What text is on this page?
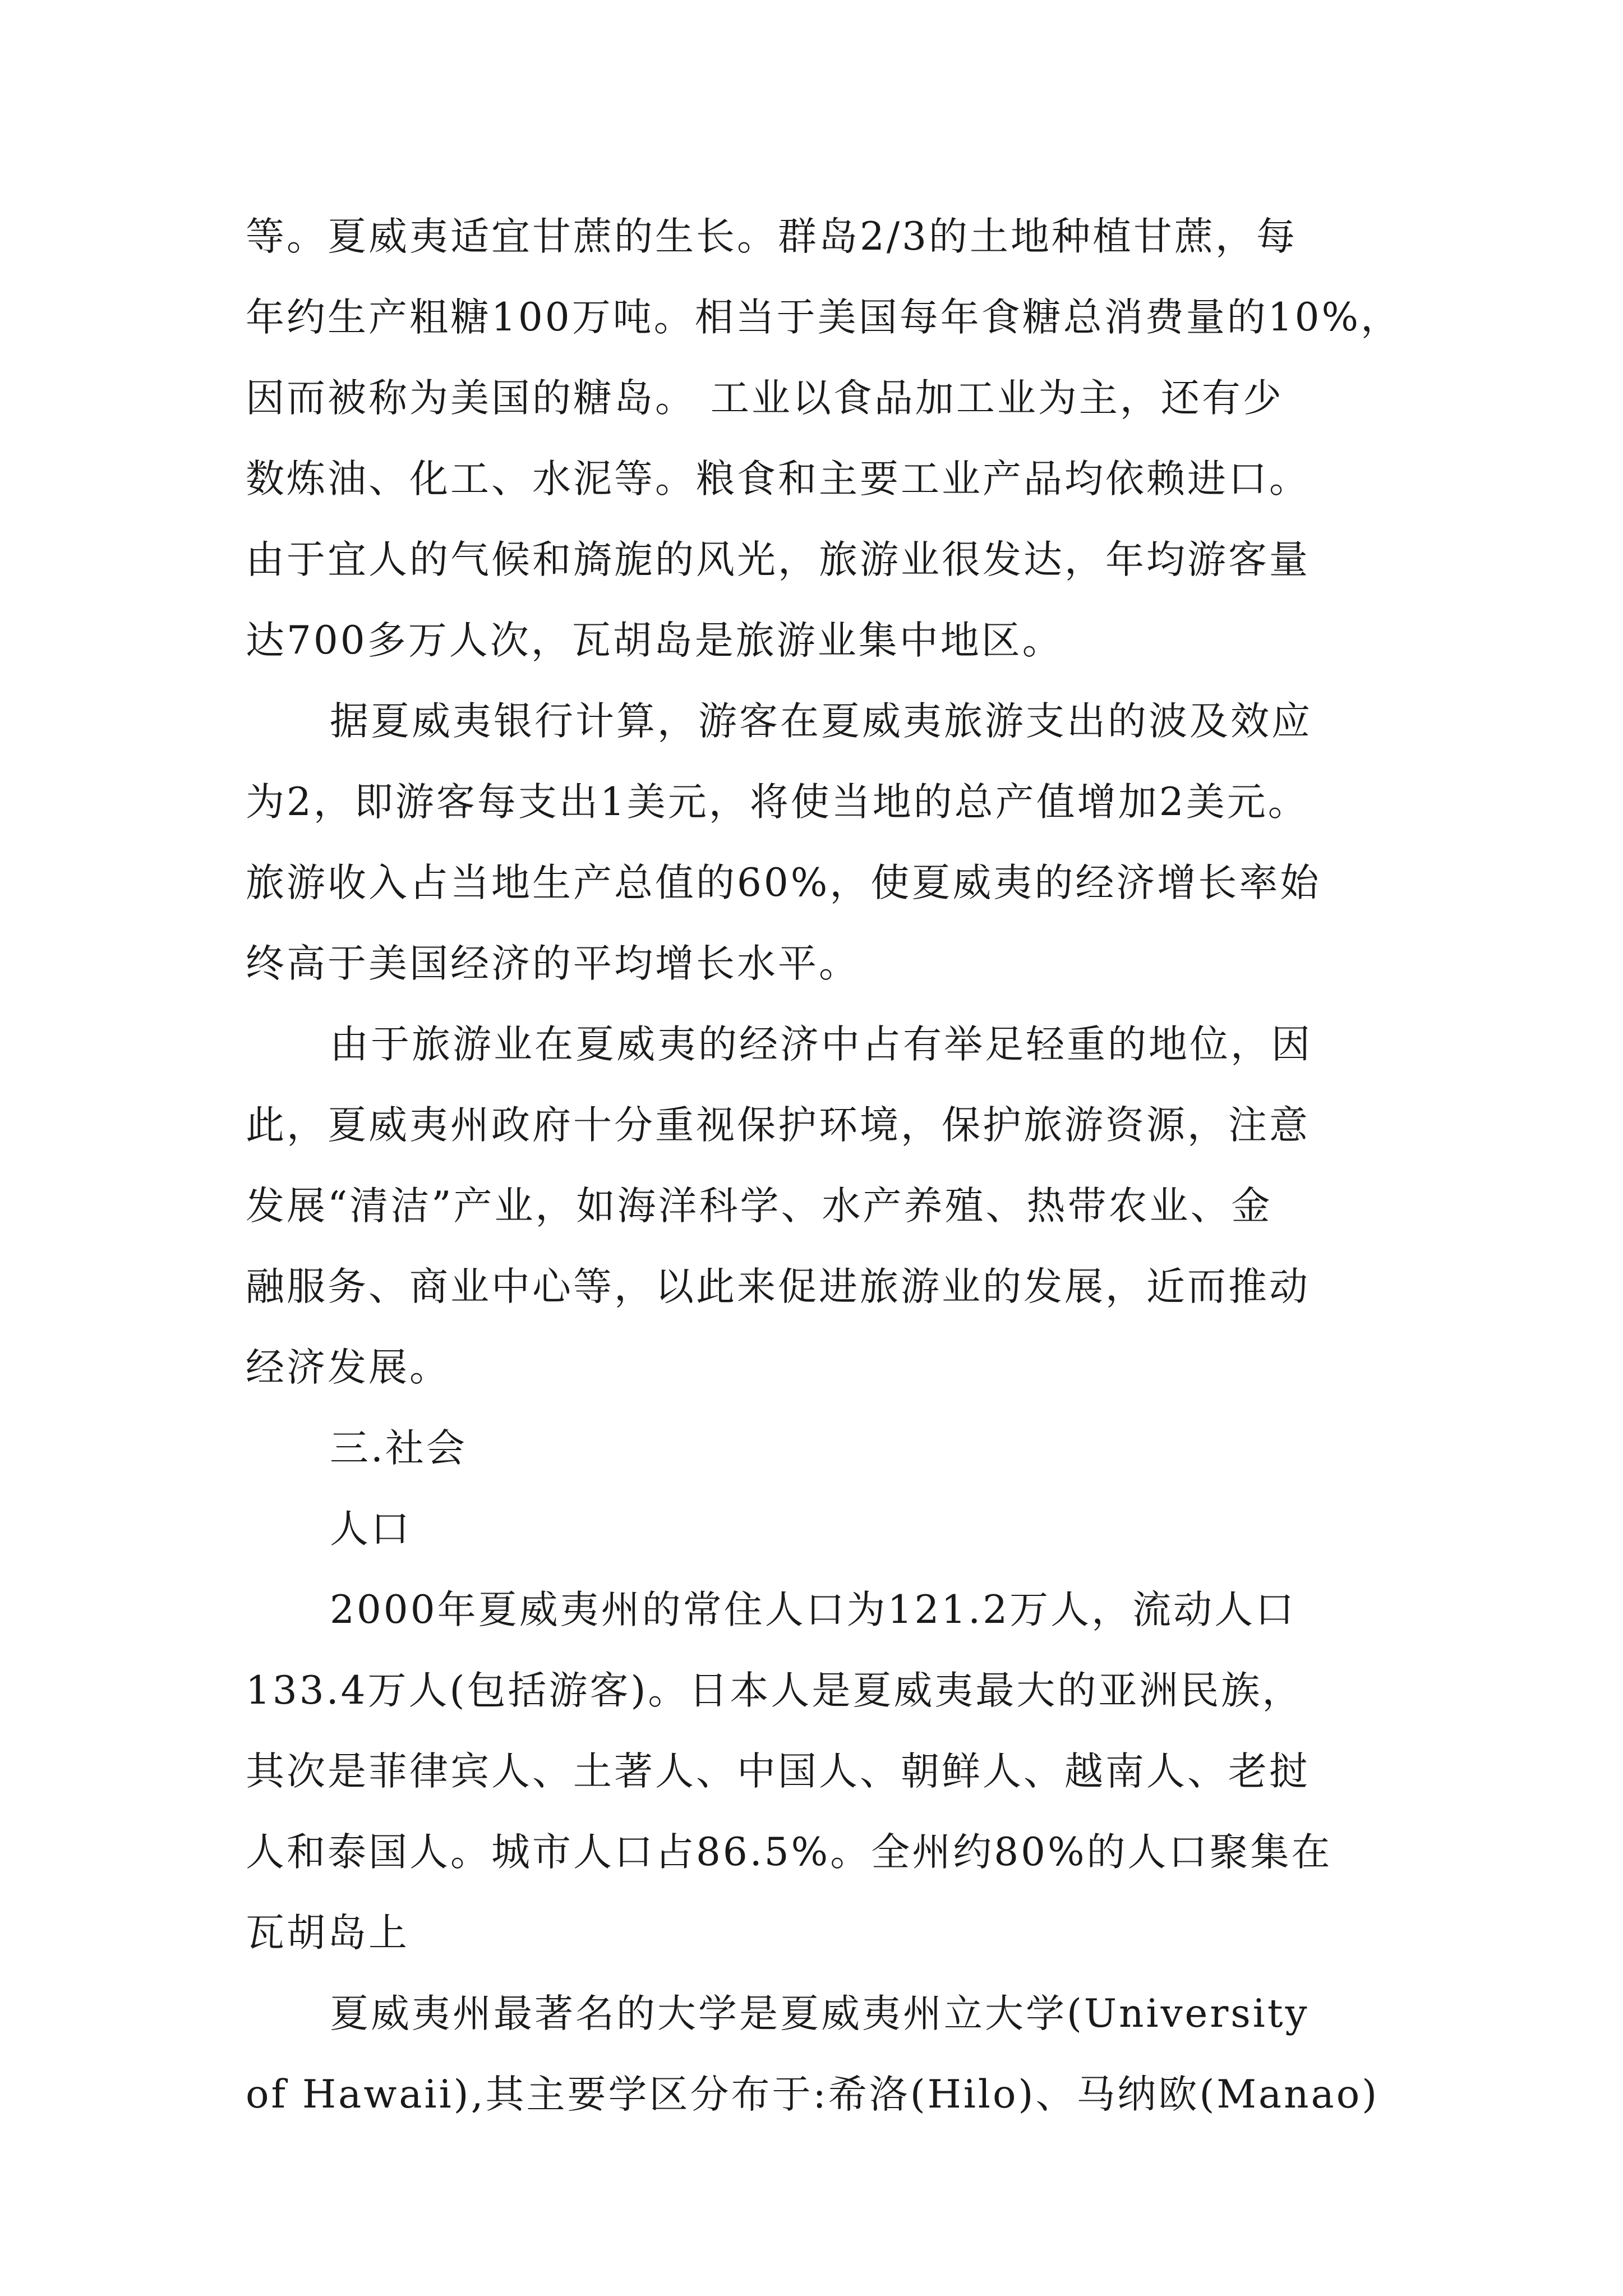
等。夏威夷适宜甘蔗的生长。群岛2/3的土地种植甘蔗，每
年约生产粗糖100万吨。相当于美国每年食糖总消费量的10%，
因而被称为美国的糖岛。 工业以食品加工业为主，还有少
数炼油、化工、水泥等。粮食和主要工业产品均依赖进口。
由于宜人的气候和旖旎的风光，旅游业很发达，年均游客量
达700多万人次，瓦胡岛是旅游业集中地区。
据夏威夷银行计算，游客在夏威夷旅游支出的波及效应
为2，即游客每支出1美元，将使当地的总产值增加2美元。
旅游收入占当地生产总值的60%，使夏威夷的经济增长率始
终高于美国经济的平均增长水平。
由于旅游业在夏威夷的经济中占有举足轻重的地位，因
此，夏威夷州政府十分重视保护环境，保护旅游资源，注意
发展“清洁”产业，如海洋科学、水产养殖、热带农业、金
融服务、商业中心等，以此来促进旅游业的发展，近而推动
经济发展。
三.社会
人口
2000年夏威夷州的常住人口为121.2万人，流动人口
133.4万人(包括游客)。日本人是夏威夷最大的亚洲民族，
其次是菲律宾人、土著人、中国人、朝鲜人、越南人、老挝
人和泰国人。城市人口占86.5%。全州约80%的人口聚集在
瓦胡岛上
夏威夷州最著名的大学是夏威夷州立大学(University
of Hawaii),其主要学区分布于:希洛(Hilo)、马纳欧(Manao)
